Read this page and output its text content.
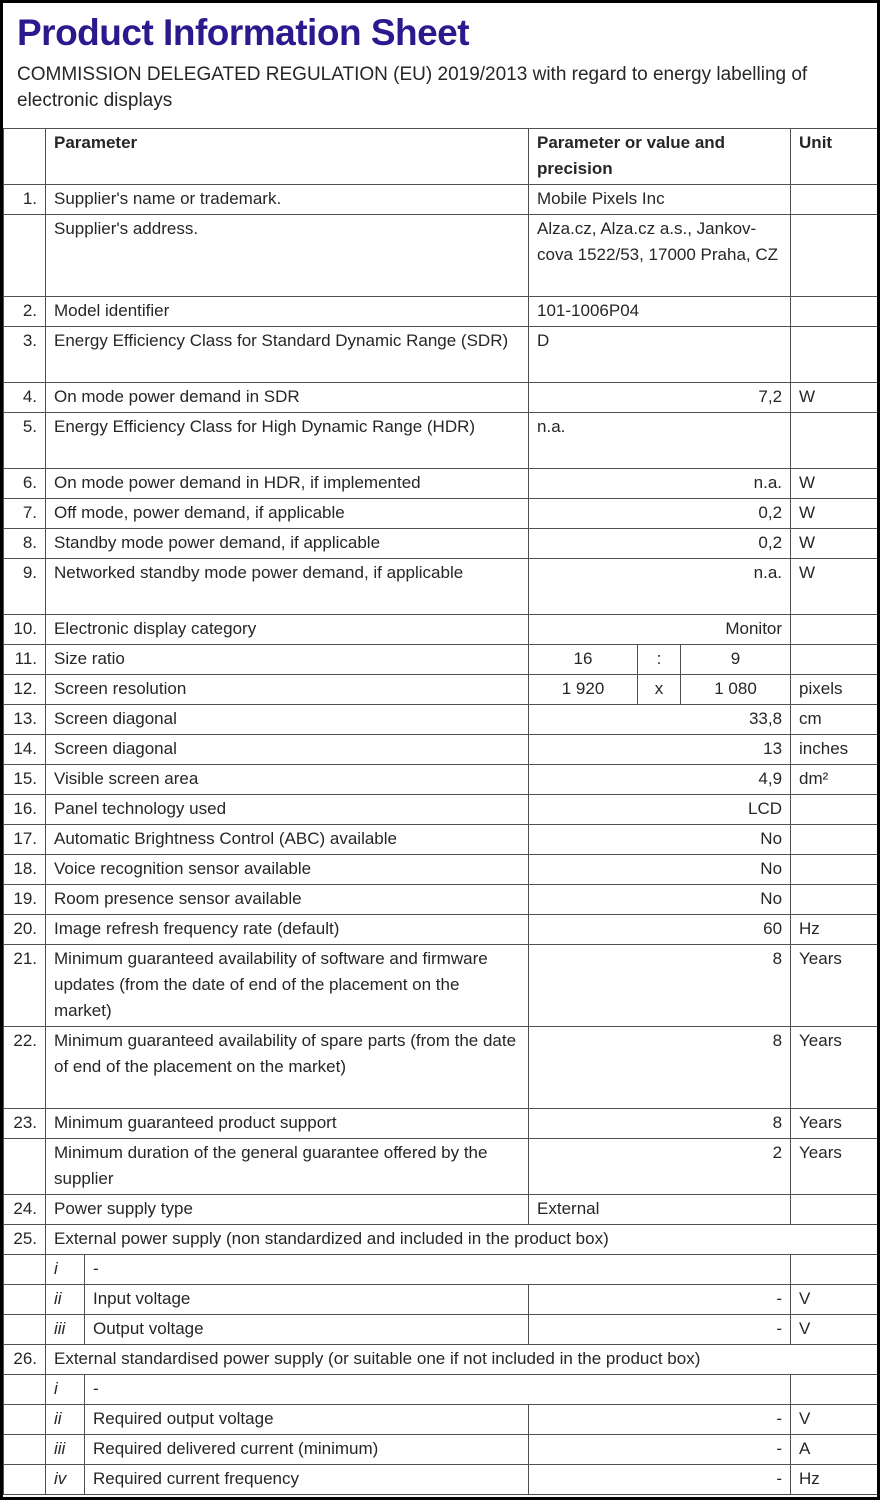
Product Information Sheet
COMMISSION DELEGATED REGULATION (EU) 2019/2013 with regard to energy labelling of electronic displays
	Parameter		Parameter or value and precision			Unit
1.	Supplier's name or trademark.		Mobile Pixels Inc			
	Supplier's address.		Alza.cz, Alza.cz a.s., Jankovcova 1522/53, 17000 Praha, CZ			
2.	Model identifier		101-1006P04			
3.	Energy Efficiency Class for Standard Dynamic Range (SDR)		D			
4.	On mode power demand in SDR		7,2			W
5.	Energy Efficiency Class for High Dynamic Range (HDR)		n.a.			
6.	On mode power demand in HDR, if implemented		n.a.			W
7.	Off mode, power demand, if applicable		0,2			W
8.	Standby mode power demand, if applicable		0,2			W
9.	Networked standby mode power demand, if applicable		n.a.			W
10.	Electronic display category		Monitor			
11.	Size ratio		16	:	9	
12.	Screen resolution		1 920	x	1 080	pixels
13.	Screen diagonal		33,8			cm
14.	Screen diagonal		13			inches
15.	Visible screen area		4,9			dm²
16.	Panel technology used		LCD			
17.	Automatic Brightness Control (ABC) available		No			
18.	Voice recognition sensor available		No			
19.	Room presence sensor available		No			
20.	Image refresh frequency rate (default)		60			Hz
21.	Minimum guaranteed availability of software and firmware updates (from the date of end of the placement on the market)		8			Years
22.	Minimum guaranteed availability of spare parts (from the date of end of the placement on the market)		8			Years
23.	Minimum guaranteed product support		8			Years
	Minimum duration of the general guarantee offered by the supplier		2			Years
24.	Power supply type		External			
25.	External power supply (non standardized and included in the product box)					
	i	-				
	ii	Input voltage	-			V
	iii	Output voltage	-			V
26.	External standardised power supply (or suitable one if not included in the product box)					
	i	-				
	ii	Required output voltage	-			V
	iii	Required delivered current (minimum)	-			A
	iv	Required current frequency	-			Hz
